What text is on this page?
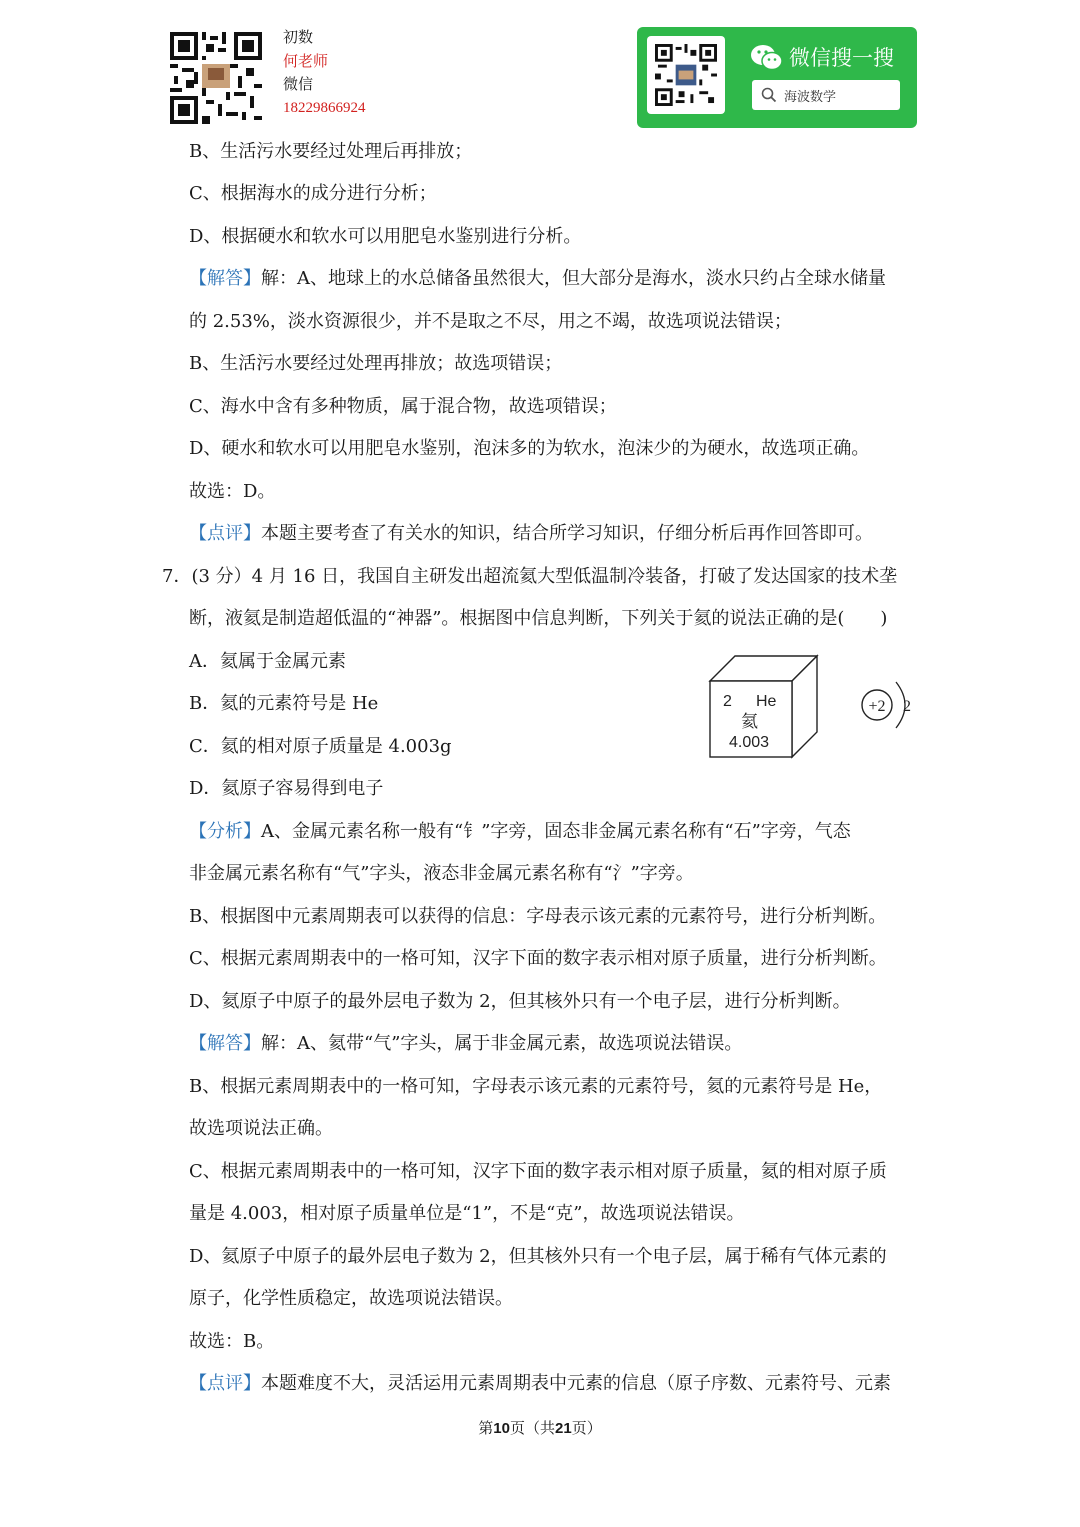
初数
何老师
微信
18229866924
微信搜一搜
海波数学
B、生活污水要经过处理后再排放；
C、根据海水的成分进行分析；
D、根据硬水和软水可以用肥皂水鉴别进行分析。
【解答】解：A、地球上的水总储备虽然很大，但大部分是海水，淡水只约占全球水储量
的 2.53%，淡水资源很少，并不是取之不尽，用之不竭，故选项说法错误；
B、生活污水要经过处理再排放；故选项错误；
C、海水中含有多种物质，属于混合物，故选项错误；
D、硬水和软水可以用肥皂水鉴别，泡沫多的为软水，泡沫少的为硬水，故选项正确。
故选：D。
【点评】本题主要考查了有关水的知识，结合所学习知识，仔细分析后再作回答即可。
7．(3 分）4 月 16 日，我国自主研发出超流氦大型低温制冷装备，打破了发达国家的技术垄
断，液氦是制造超低温的“神器”。根据图中信息判断，下列关于氦的说法正确的是(　　)
A．氦属于金属元素
B．氦的元素符号是 He
C．氦的相对原子质量是 4.003g
D．氦原子容易得到电子
2 He
氦
4.003
+2 2
【分析】A、金属元素名称一般有“钅”字旁，固态非金属元素名称有“石”字旁，气态
非金属元素名称有“气”字头，液态非金属元素名称有“氵”字旁。
B、根据图中元素周期表可以获得的信息：字母表示该元素的元素符号，进行分析判断。
C、根据元素周期表中的一格可知，汉字下面的数字表示相对原子质量，进行分析判断。
D、氦原子中原子的最外层电子数为 2，但其核外只有一个电子层，进行分析判断。
【解答】解：A、氦带“气”字头，属于非金属元素，故选项说法错误。
B、根据元素周期表中的一格可知，字母表示该元素的元素符号，氦的元素符号是 He，
故选项说法正确。
C、根据元素周期表中的一格可知，汉字下面的数字表示相对原子质量，氦的相对原子质
量是 4.003，相对原子质量单位是“1”，不是“克”，故选项说法错误。
D、氦原子中原子的最外层电子数为 2，但其核外只有一个电子层，属于稀有气体元素的
原子，化学性质稳定，故选项说法错误。
故选：B。
【点评】本题难度不大，灵活运用元素周期表中元素的信息（原子序数、元素符号、元素
第10页（共21页）
